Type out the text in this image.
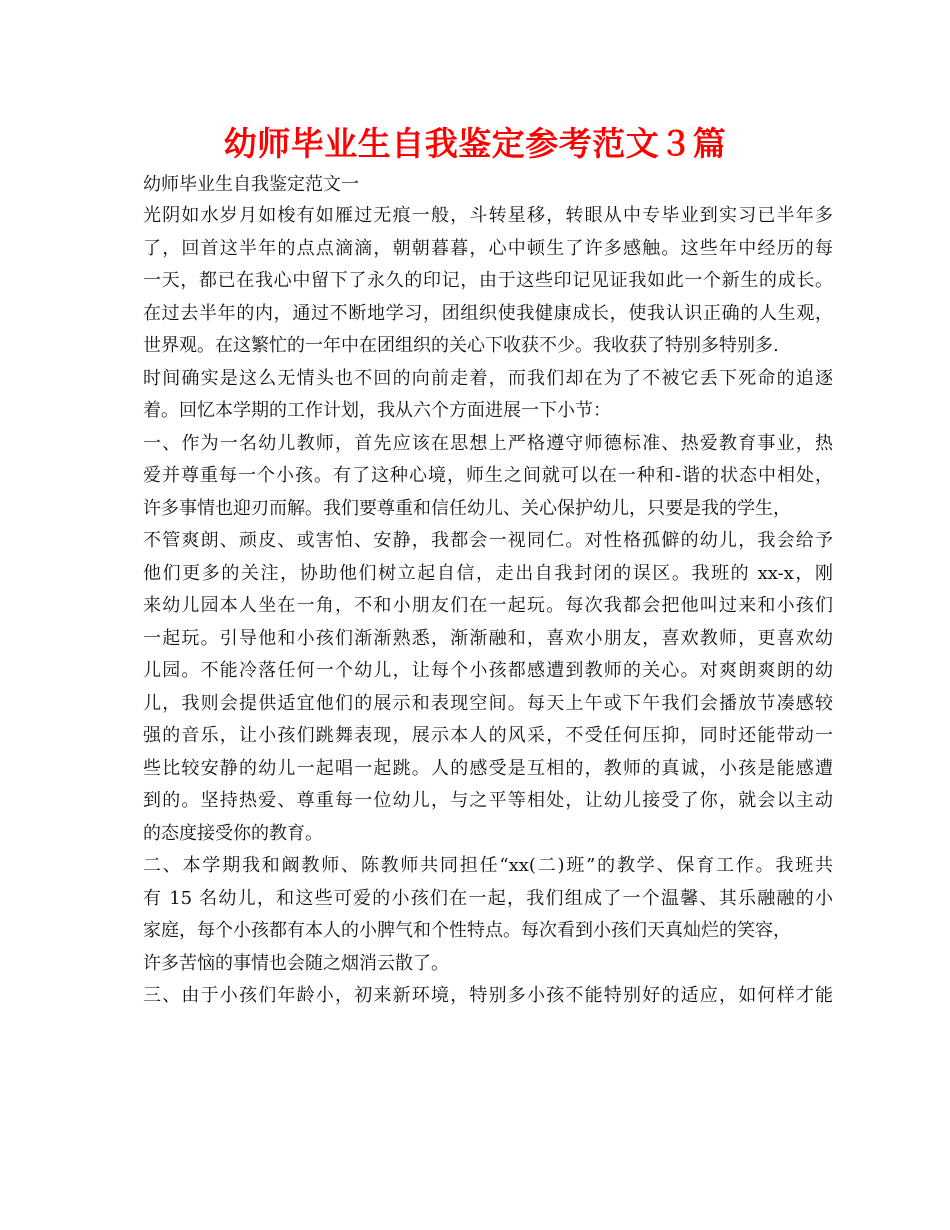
幼师毕业生自我鉴定参考范文３篇

幼师毕业生自我鉴定范文一

光阴如水岁月如梭有如雁过无痕一般，斗转星移，转眼从中专毕业到实习已半年多
了，回首这半年的点点滴滴，朝朝暮暮，心中顿生了许多感触。这些年中经历的每
一天，都已在我心中留下了永久的印记，由于这些印记见证我如此一个新生的成长。
在过去半年的内，通过不断地学习，团组织使我健康成长，使我认识正确的人生观，
世界观。在这繁忙的一年中在团组织的关心下收获不少。我收获了特别多特别多.
时间确实是这么无情头也不回的向前走着，而我们却在为了不被它丢下死命的追逐
着。回忆本学期的工作计划，我从六个方面进展一下小节：
一、作为一名幼儿教师，首先应该在思想上严格遵守师德标准、热爱教育事业，热
爱并尊重每一个小孩。有了这种心境，师生之间就可以在一种和-谐的状态中相处，
许多事情也迎刃而解。我们要尊重和信任幼儿、关心保护幼儿，只要是我的学生，
不管爽朗、顽皮、或害怕、安静，我都会一视同仁。对性格孤僻的幼儿，我会给予
他们更多的关注，协助他们树立起自信，走出自我封闭的误区。我班的 xx-x，刚
来幼儿园本人坐在一角，不和小朋友们在一起玩。每次我都会把他叫过来和小孩们
一起玩。引导他和小孩们渐渐熟悉，渐渐融和，喜欢小朋友，喜欢教师，更喜欢幼
儿园。不能冷落任何一个幼儿，让每个小孩都感遭到教师的关心。对爽朗爽朗的幼
儿，我则会提供适宜他们的展示和表现空间。每天上午或下午我们会播放节凑感较
强的音乐，让小孩们跳舞表现，展示本人的风采，不受任何压抑，同时还能带动一
些比较安静的幼儿一起唱一起跳。人的感受是互相的，教师的真诚，小孩是能感遭
到的。坚持热爱、尊重每一位幼儿，与之平等相处，让幼儿接受了你，就会以主动
的态度接受你的教育。
二、本学期我和阚教师、陈教师共同担任“xx(二)班”的教学、保育工作。我班共
有 15 名幼儿，和这些可爱的小孩们在一起，我们组成了一个温馨、其乐融融的小
家庭，每个小孩都有本人的小脾气和个性特点。每次看到小孩们天真灿烂的笑容，
许多苦恼的事情也会随之烟消云散了。
三、由于小孩们年龄小，初来新环境，特别多小孩不能特别好的适应，如何样才能
